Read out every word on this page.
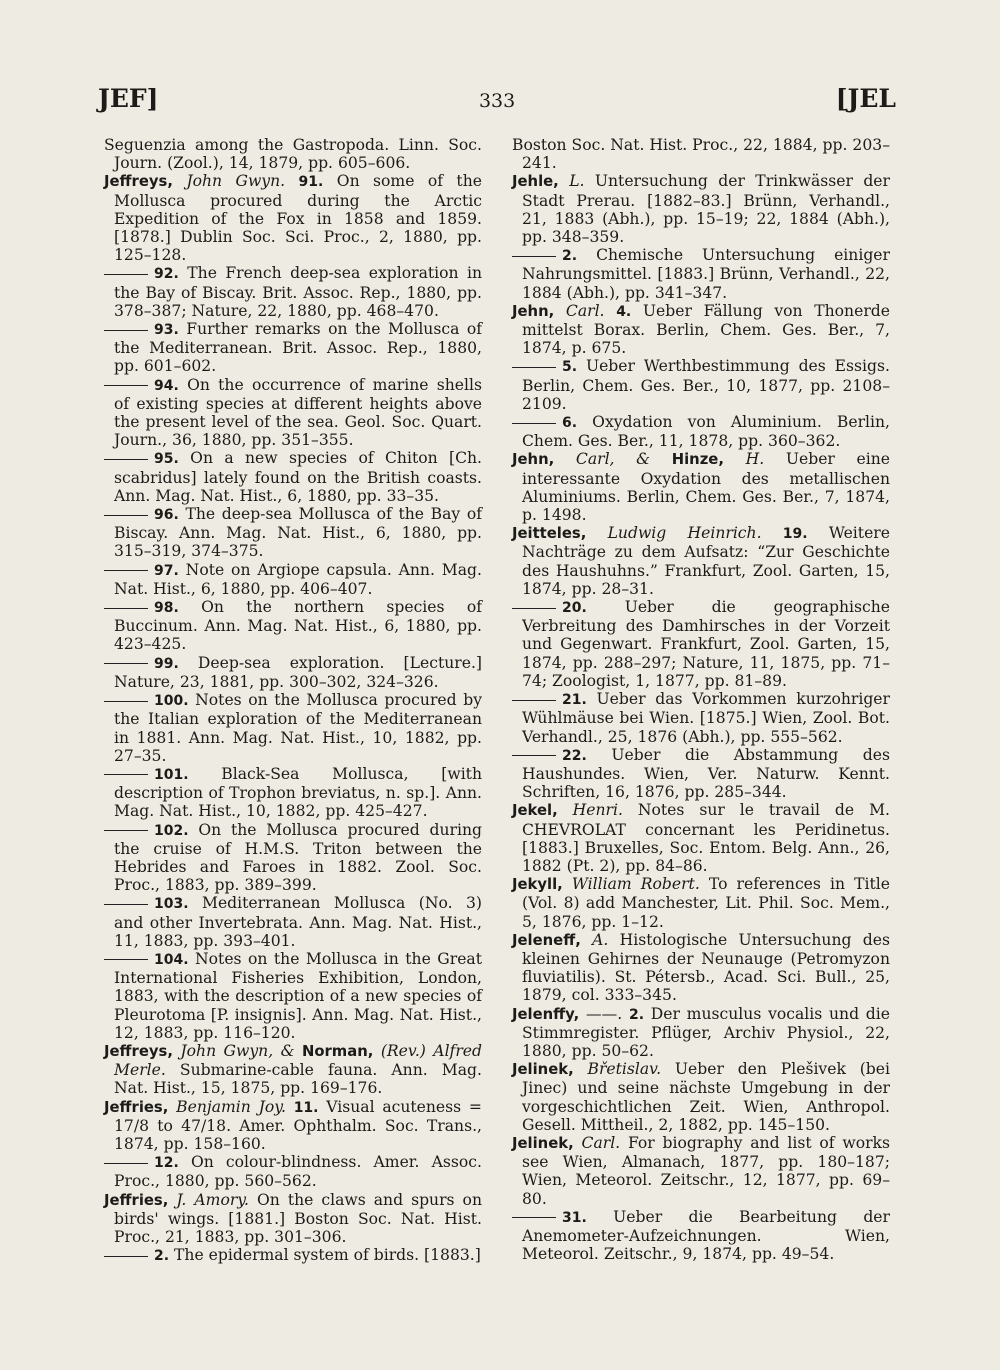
JEF]	333	[JEL
Seguenzia among the Gastropoda. Linn. Soc. Journ. (Zool.), 14, 1879, pp. 605–606.
Jeffreys, John Gwyn. 91. On some of the Mollusca procured during the Arctic Expedition of the Fox in 1858 and 1859. [1878.] Dublin Soc. Sci. Proc., 2, 1880, pp. 125–128.
92. The French deep-sea exploration in the Bay of Biscay. Brit. Assoc. Rep., 1880, pp. 378–387; Nature, 22, 1880, pp. 468–470.
93. Further remarks on the Mollusca of the Mediterranean. Brit. Assoc. Rep., 1880, pp. 601–602.
94. On the occurrence of marine shells of existing species at different heights above the present level of the sea. Geol. Soc. Quart. Journ., 36, 1880, pp. 351–355.
95. On a new species of Chiton [Ch. scabridus] lately found on the British coasts. Ann. Mag. Nat. Hist., 6, 1880, pp. 33–35.
96. The deep-sea Mollusca of the Bay of Biscay. Ann. Mag. Nat. Hist., 6, 1880, pp. 315–319, 374–375.
97. Note on Argiope capsula. Ann. Mag. Nat. Hist., 6, 1880, pp. 406–407.
98. On the northern species of Buccinum. Ann. Mag. Nat. Hist., 6, 1880, pp. 423–425.
99. Deep-sea exploration. [Lecture.] Nature, 23, 1881, pp. 300–302, 324–326.
100. Notes on the Mollusca procured by the Italian exploration of the Mediterranean in 1881. Ann. Mag. Nat. Hist., 10, 1882, pp. 27–35.
101. Black-Sea Mollusca, [with description of Trophon breviatus, n. sp.]. Ann. Mag. Nat. Hist., 10, 1882, pp. 425–427.
102. On the Mollusca procured during the cruise of H.M.S. Triton between the Hebrides and Faroes in 1882. Zool. Soc. Proc., 1883, pp. 389–399.
103. Mediterranean Mollusca (No. 3) and other Invertebrata. Ann. Mag. Nat. Hist., 11, 1883, pp. 393–401.
104. Notes on the Mollusca in the Great International Fisheries Exhibition, London, 1883, with the description of a new species of Pleurotoma [P. insignis]. Ann. Mag. Nat. Hist., 12, 1883, pp. 116–120.
Jeffreys, John Gwyn, & Norman, (Rev.) Alfred Merle. Submarine-cable fauna. Ann. Mag. Nat. Hist., 15, 1875, pp. 169–176.
Jeffries, Benjamin Joy. 11. Visual acuteness = 17/8 to 47/18. Amer. Ophthalm. Soc. Trans., 1874, pp. 158–160.
12. On colour-blindness. Amer. Assoc. Proc., 1880, pp. 560–562.
Jeffries, J. Amory. On the claws and spurs on birds' wings. [1881.] Boston Soc. Nat. Hist. Proc., 21, 1883, pp. 301–306.
2. The epidermal system of birds. [1883.]
Boston Soc. Nat. Hist. Proc., 22, 1884, pp. 203–241.
Jehle, L. Untersuchung der Trinkwässer der Stadt Prerau. [1882–83.] Brünn, Verhandl., 21, 1883 (Abh.), pp. 15–19; 22, 1884 (Abh.), pp. 348–359.
2. Chemische Untersuchung einiger Nahrungsmittel. [1883.] Brünn, Verhandl., 22, 1884 (Abh.), pp. 341–347.
Jehn, Carl. 4. Ueber Fällung von Thonerde mittelst Borax. Berlin, Chem. Ges. Ber., 7, 1874, p. 675.
5. Ueber Werthbestimmung des Essigs. Berlin, Chem. Ges. Ber., 10, 1877, pp. 2108–2109.
6. Oxydation von Aluminium. Berlin, Chem. Ges. Ber., 11, 1878, pp. 360–362.
Jehn, Carl, & Hinze, H. Ueber eine interessante Oxydation des metallischen Aluminiums. Berlin, Chem. Ges. Ber., 7, 1874, p. 1498.
Jeitteles, Ludwig Heinrich. 19. Weitere Nachträge zu dem Aufsatz: “Zur Geschichte des Haushuhns.” Frankfurt, Zool. Garten, 15, 1874, pp. 28–31.
20. Ueber die geographische Verbreitung des Damhirsches in der Vorzeit und Gegenwart. Frankfurt, Zool. Garten, 15, 1874, pp. 288–297; Nature, 11, 1875, pp. 71–74; Zoologist, 1, 1877, pp. 81–89.
21. Ueber das Vorkommen kurzohriger Wühlmäuse bei Wien. [1875.] Wien, Zool. Bot. Verhandl., 25, 1876 (Abh.), pp. 555–562.
22. Ueber die Abstammung des Haushundes. Wien, Ver. Naturw. Kennt. Schriften, 16, 1876, pp. 285–344.
Jekel, Henri. Notes sur le travail de M. CHEVROLAT concernant les Peridinetus. [1883.] Bruxelles, Soc. Entom. Belg. Ann., 26, 1882 (Pt. 2), pp. 84–86.
Jekyll, William Robert. To references in Title (Vol. 8) add Manchester, Lit. Phil. Soc. Mem., 5, 1876, pp. 1–12.
Jeleneff, A. Histologische Untersuchung des kleinen Gehirnes der Neunauge (Petromyzon fluviatilis). St. Pétersb., Acad. Sci. Bull., 25, 1879, col. 333–345.
Jelenffy, ——. 2. Der musculus vocalis und die Stimmregister. Pflüger, Archiv Physiol., 22, 1880, pp. 50–62.
Jelinek, Břetislav. Ueber den Plešivek (bei Jinec) und seine nächste Umgebung in der vorgeschichtlichen Zeit. Wien, Anthropol. Gesell. Mittheil., 2, 1882, pp. 145–150.
Jelinek, Carl. For biography and list of works see Wien, Almanach, 1877, pp. 180–187; Wien, Meteorol. Zeitschr., 12, 1877, pp. 69–80.
31. Ueber die Bearbeitung der Anemometer-Aufzeichnungen. Wien, Meteorol. Zeitschr., 9, 1874, pp. 49–54.
